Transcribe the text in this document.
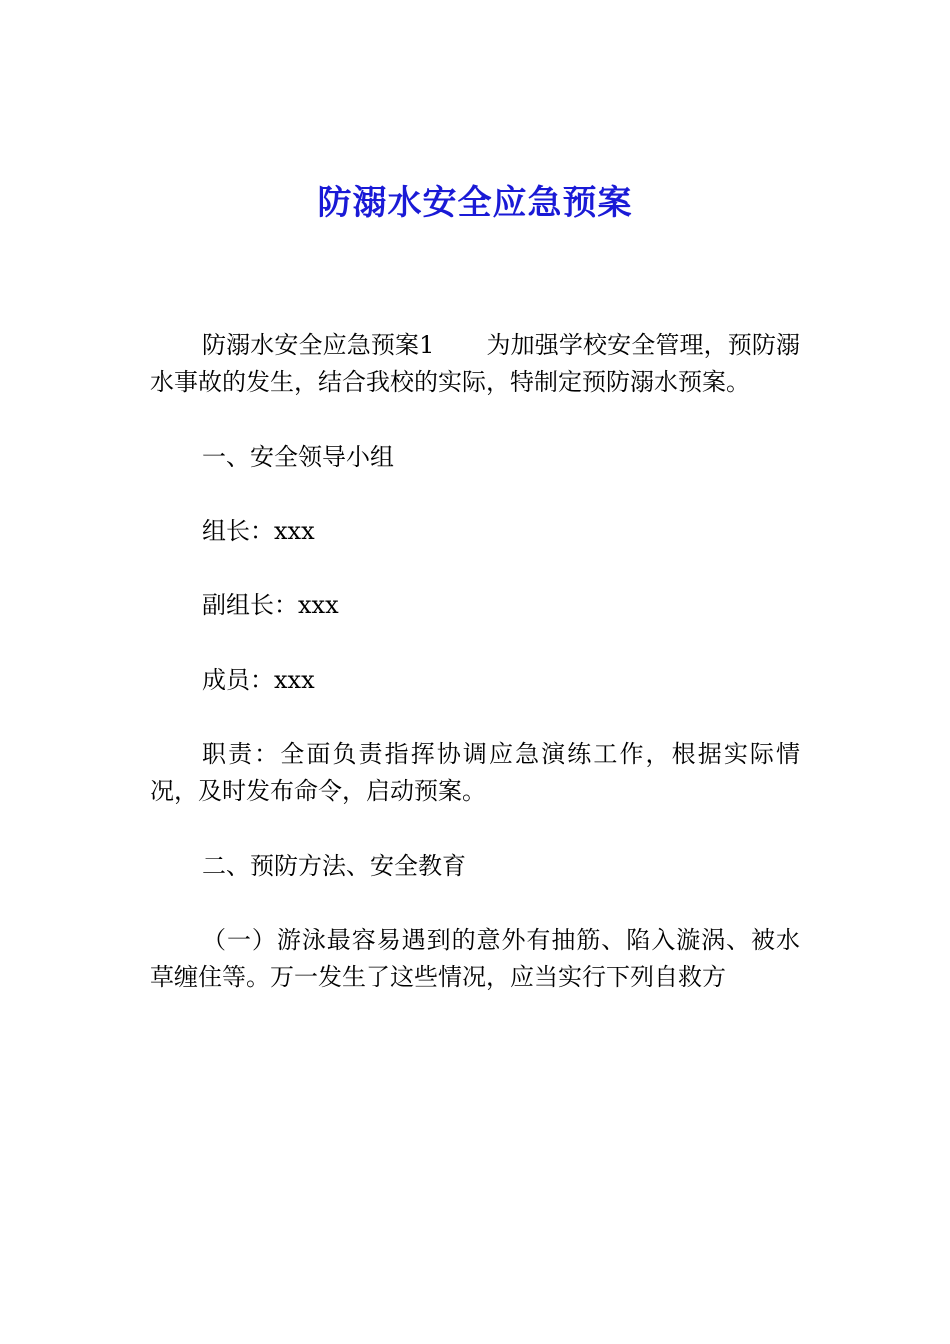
防溺水安全应急预案

防溺水安全应急预案1 为加强学校安全管理，预防溺水事故的发生，结合我校的实际，特制定预防溺水预案。

一、安全领导小组

组长：xxx

副组长：xxx

成员：xxx

职责：全面负责指挥协调应急演练工作，根据实际情况，及时发布命令，启动预案。

二、预防方法、安全教育

（一）游泳最容易遇到的意外有抽筋、陷入漩涡、被水草缠住等。万一发生了这些情况，应当实行下列自救方
